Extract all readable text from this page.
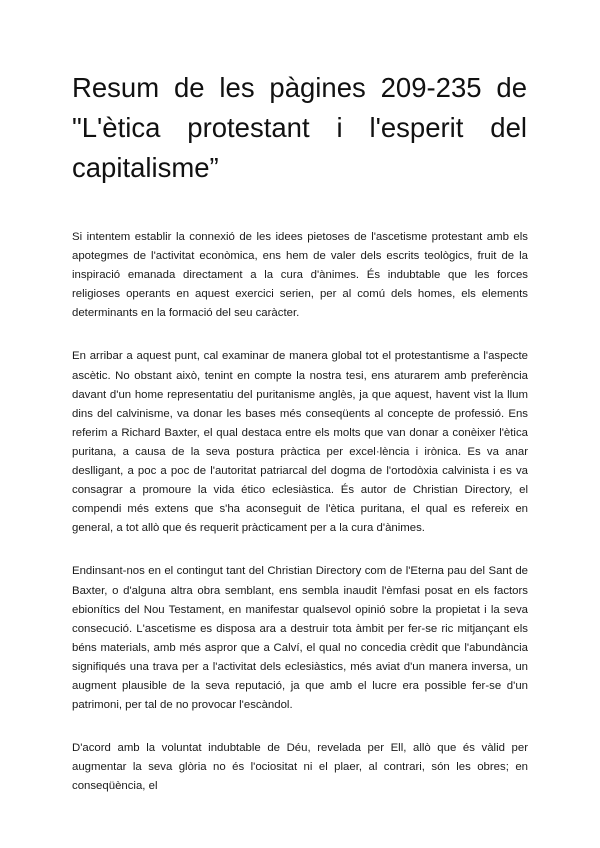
Resum de les pàgines 209-235 de "L'ètica protestant i l'esperit del capitalisme”

Si intentem establir la connexió de les idees pietoses de l'ascetisme protestant amb els apotegmes de l'activitat econòmica, ens hem de valer dels escrits teològics, fruit de la inspiració emanada directament a la cura d'ànimes. És indubtable que les forces religioses operants en aquest exercici serien, per al comú dels homes, els elements determinants en la formació del seu caràcter.

En arribar a aquest punt, cal examinar de manera global tot el protestantisme a l'aspecte ascètic. No obstant això, tenint en compte la nostra tesi, ens aturarem amb preferència davant d'un home representatiu del puritanisme anglès, ja que aquest, havent vist la llum dins del calvinisme, va donar les bases més conseqüents al concepte de professió. Ens referim a Richard Baxter, el qual destaca entre els molts que van donar a conèixer l'ètica puritana, a causa de la seva postura pràctica per excel·lència i irònica. Es va anar deslligant, a poc a poc de l'autoritat patriarcal del dogma de l'ortodòxia calvinista i es va consagrar a promoure la vida ético eclesiàstica. És autor de Christian Directory, el compendi més extens que s'ha aconseguit de l'ètica puritana, el qual es refereix en general, a tot allò que és requerit pràcticament per a la cura d'ànimes.

Endinsant-nos en el contingut tant del Christian Directory com de l'Eterna pau del Sant de Baxter, o d'alguna altra obra semblant, ens sembla inaudit l'èmfasi posat en els factors ebionítics del Nou Testament, en manifestar qualsevol opinió sobre la propietat i la seva consecució. L'ascetisme es disposa ara a destruir tota àmbit per fer-se ric mitjançant els béns materials, amb més aspror que a Calví, el qual no concedia crèdit que l'abundància signifiqués una trava per a l'activitat dels eclesiàstics, més aviat d'un manera inversa, un augment plausible de la seva reputació, ja que amb el lucre era possible fer-se d'un patrimoni, per tal de no provocar l'escàndol.

D'acord amb la voluntat indubtable de Déu, revelada per Ell, allò que és vàlid per augmentar la seva glòria no és l'ociositat ni el plaer, al contrari, són les obres; en conseqüència, el
